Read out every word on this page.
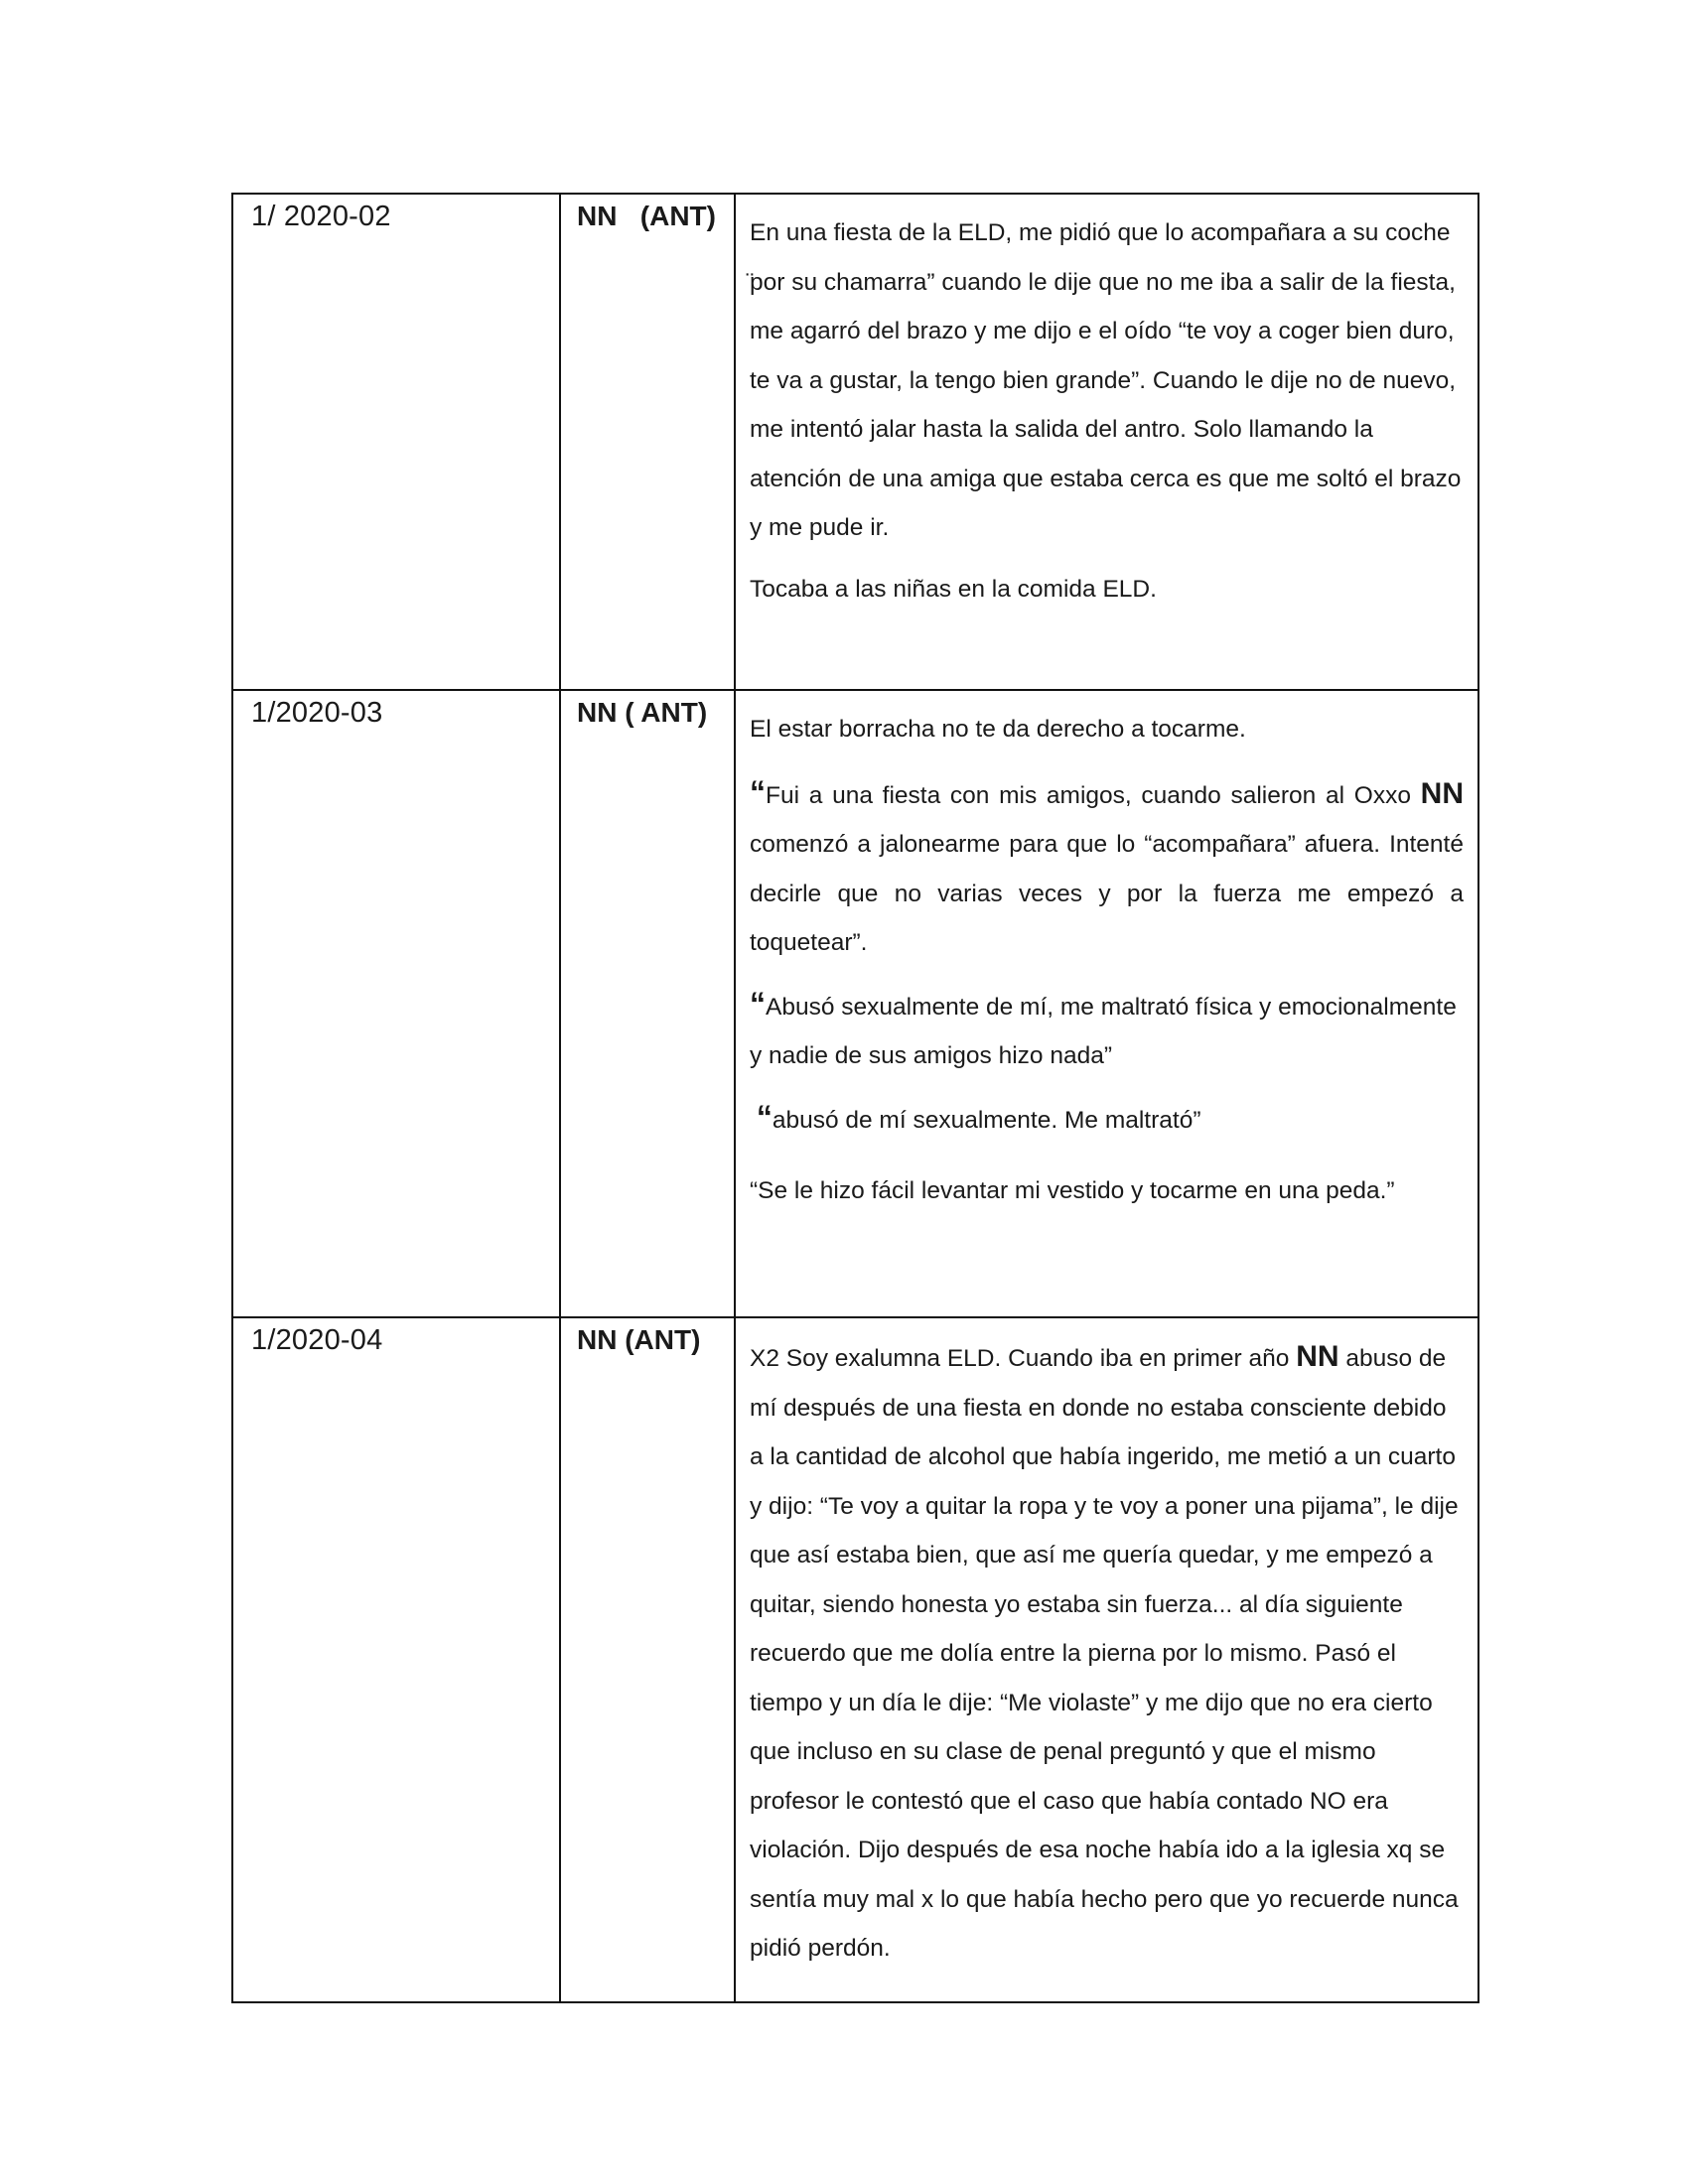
1/ 2020-02	NN   (ANT)	En una fiesta de la ELD, me pidió que lo acompañara a su coche ̈por su chamarra” cuando le dije que no me iba a salir de la fiesta, me agarró del brazo y me dijo e el oído “te voy a coger bien duro, te va a gustar, la tengo bien grande”. Cuando le dije no de nuevo, me intentó jalar hasta la salida del antro. Solo llamando la atención de una amiga que estaba cerca es que me soltó el brazo y me pude ir.

Tocaba a las niñas en la comida ELD.

1/2020-03	NN ( ANT)	El estar borracha no te da derecho a tocarme.

“Fui a una fiesta con mis amigos, cuando salieron al Oxxo NN comenzó a jalonearme para que lo “acompañara” afuera. Intenté decirle que no varias veces y por la fuerza me empezó a toquetear”.

“Abusó sexualmente de mí, me maltrató física y emocionalmente y nadie de sus amigos hizo nada”

“abusó de mí sexualmente. Me maltrató”

“Se le hizo fácil levantar mi vestido y tocarme en una peda.”

1/2020-04	NN (ANT)	X2 Soy exalumna ELD. Cuando iba en primer año NN abuso de mí después de una fiesta en donde no estaba consciente debido a la cantidad de alcohol que había ingerido, me metió a un cuarto y dijo: “Te voy a quitar la ropa y te voy a poner una pijama”, le dije que así estaba bien, que así me quería quedar, y me empezó a quitar, siendo honesta yo estaba sin fuerza... al día siguiente recuerdo que me dolía entre la pierna por lo mismo. Pasó el tiempo y un día le dije: “Me violaste” y me dijo que no era cierto que incluso en su clase de penal preguntó y que el mismo profesor le contestó que el caso que había contado NO era violación. Dijo después de esa noche había ido a la iglesia xq se sentía muy mal x lo que había hecho pero que yo recuerde nunca pidió perdón.
